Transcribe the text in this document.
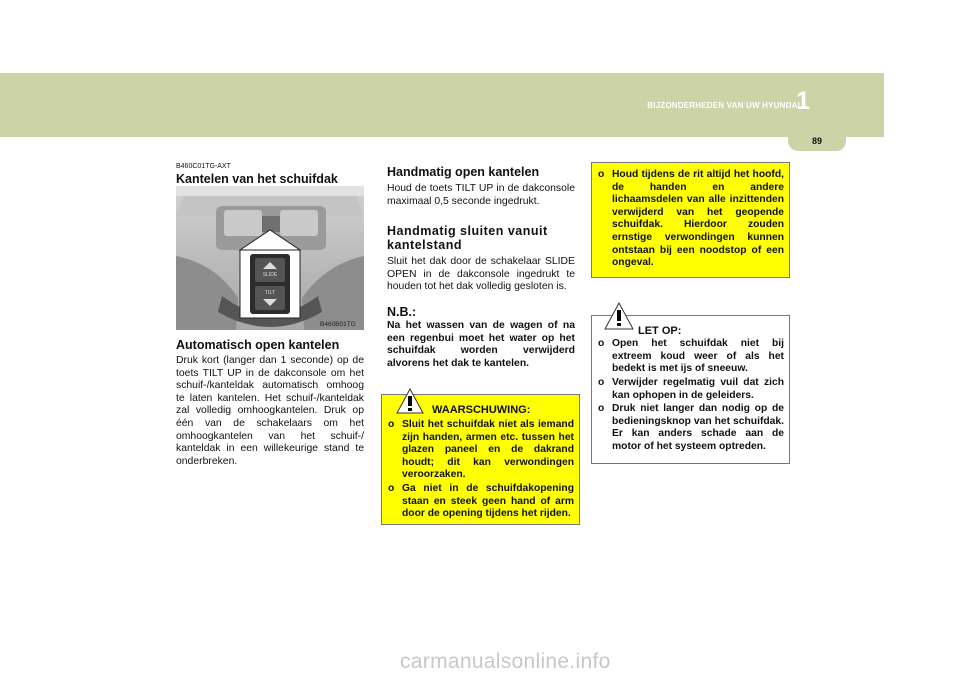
BIJZONDERHEDEN VAN UW HYUNDAI
1
89
B460C01TG-AXT
Kantelen van het schuifdak
SLIDE
TILT
B460B01TG
Automatisch open kantelen
Druk kort (langer dan 1 seconde) op de toets TILT UP in de dakconsole om het schuif-/kanteldak automatisch omhoog te laten kantelen. Het schuif-/kanteldak zal volledig omhoogkantelen. Druk op één van de schakelaars om het omhoogkantelen van het schuif-/ kanteldak in een willekeurige stand te onderbreken.
Handmatig open kantelen
Houd de toets TILT UP in de dakconsole maximaal 0,5 seconde ingedrukt.
Handmatig sluiten vanuit kantelstand
Sluit het dak door de schakelaar SLIDE OPEN in de dakconsole ingedrukt te houden tot het dak volledig gesloten is.
N.B.:
Na het wassen van de wagen of na een regenbui moet het water op het schuifdak worden verwijderd alvorens het dak te kantelen.
WAARSCHUWING:
o Sluit het schuifdak niet als iemand zijn handen, armen etc. tussen het glazen paneel en de dakrand houdt; dit kan verwondingen veroorzaken.
o Ga niet in de schuifdakopening staan en steek geen hand of arm door de opening tijdens het rijden.
o Houd tijdens de rit altijd het hoofd, de handen en andere lichaamsdelen van alle inzittenden verwijderd van het geopende schuifdak. Hierdoor zouden ernstige verwondingen kunnen ontstaan bij een noodstop of een ongeval.
LET OP:
o Open het schuifdak niet bij extreem koud weer of als het bedekt is met ijs of sneeuw.
o Verwijder regelmatig vuil dat zich kan ophopen in de geleiders.
o Druk niet langer dan nodig op de bedieningsknop van het schuifdak. Er kan anders schade aan de motor of het systeem optreden.
carmanualsonline.info
